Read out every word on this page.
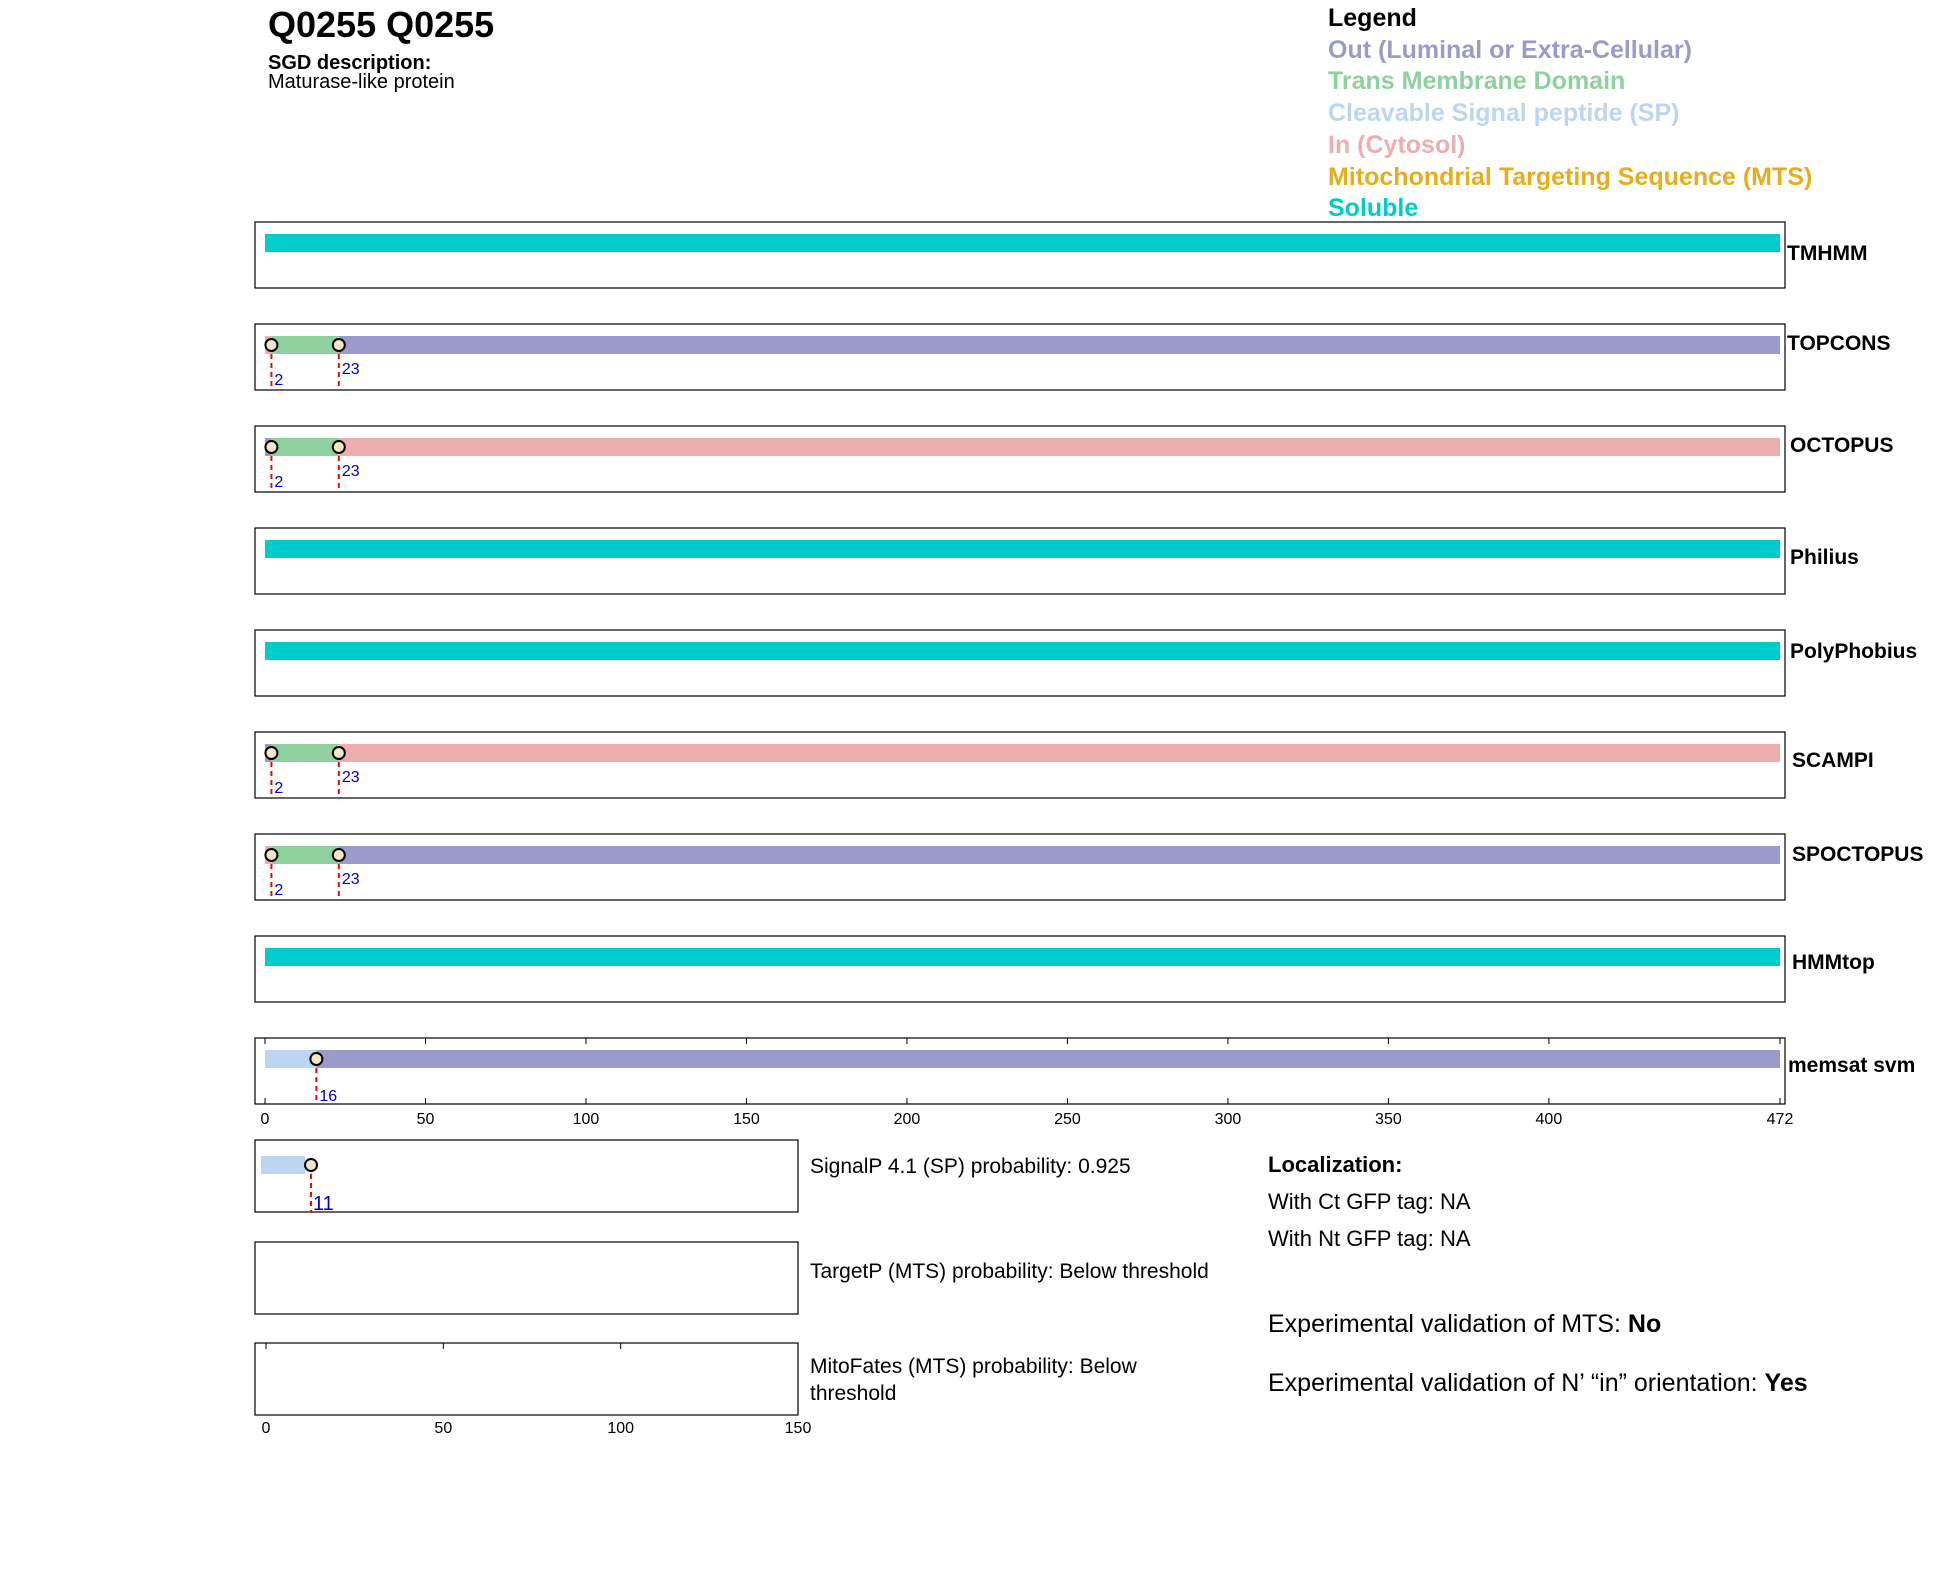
2
23
2
23
2
23
2
23
16
0	50	100	150	200	250	300	350	400	472
11
0	50	100	150
Q0255 Q0255
SGD description:
Maturase-like protein
Legend
Out (Luminal or Extra-Cellular)
Trans Membrane Domain
Cleavable Signal peptide (SP)
In (Cytosol)
Mitochondrial Targeting Sequence (MTS)
Soluble
TMHMM
TOPCONS
OCTOPUS
Philius
PolyPhobius
SCAMPI
SPOCTOPUS
HMMtop
memsat svm
SignalP 4.1 (SP) probability: 0.925
TargetP (MTS) probability: Below threshold
MitoFates (MTS) probability: Below
threshold
Localization:
With Ct GFP tag: NA
With Nt GFP tag: NA
Experimental validation of MTS: No
Experimental validation of N’ “in” orientation: Yes
